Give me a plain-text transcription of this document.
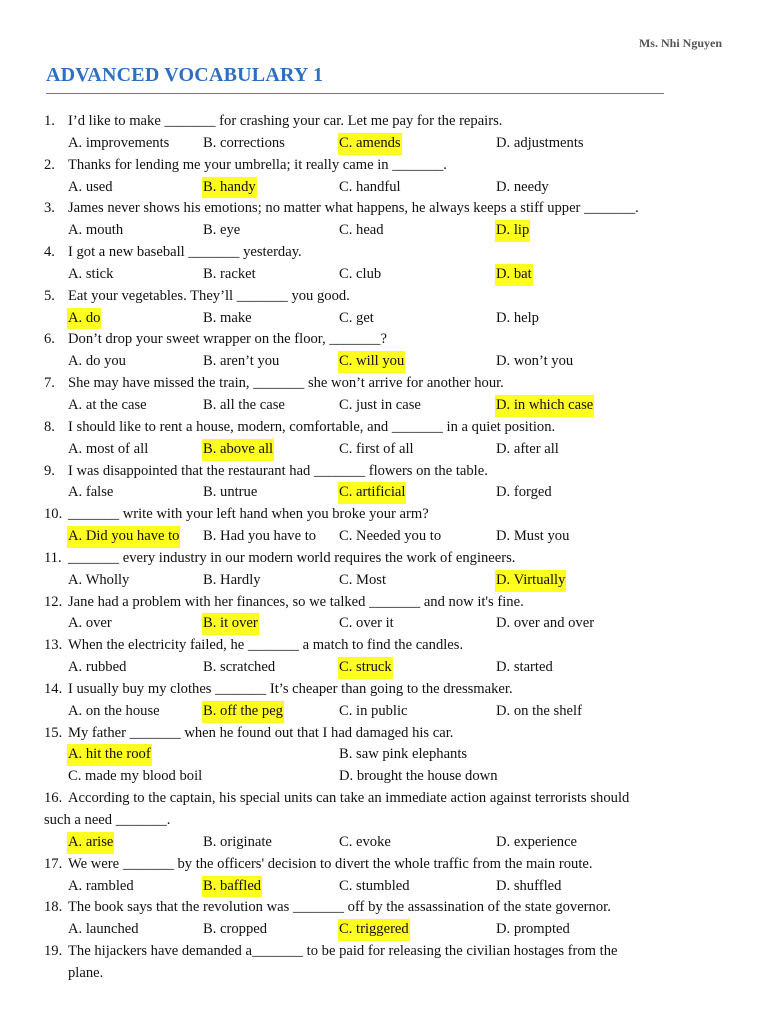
Ms. Nhi Nguyen
ADVANCED VOCABULARY 1
1. I’d like to make _______ for crashing your car. Let me pay for the repairs.
A. improvements B. corrections	C. amends	D. adjustments
2. Thanks for lending me your umbrella; it really came in _______.
A. used	B. handy	C. handful	D. needy
3. James never shows his emotions; no matter what happens, he always keeps a stiff upper _______.
A. mouth	B. eye	C. head	D. lip
4. I got a new baseball _______ yesterday.
A. stick	B. racket	C. club	D. bat
5. Eat your vegetables. They’ll _______ you good.
A. do	B. make	C. get	D. help
6. Don’t drop your sweet wrapper on the floor, _______?
A. do you	B. aren’t you	C. will you	D. won’t you
7. She may have missed the train, _______ she won’t arrive for another hour.
A. at the case	B. all the case	C. just in case	D. in which case
8. I should like to rent a house, modern, comfortable, and _______ in a quiet position.
A. most of all	B. above all	C. first of all	D. after all
9. I was disappointed that the restaurant had _______ flowers on the table.
A. false	B. untrue	C. artificial	D. forged
10. _______ write with your left hand when you broke your arm?
A. Did you have to B. Had you have to C. Needed you to	D. Must you
11. _______ every industry in our modern world requires the work of engineers.
A. Wholly	B. Hardly	C. Most	D. Virtually
12. Jane had a problem with her finances, so we talked _______ and now it's fine.
A. over	B. it over	C. over it	D. over and over
13. When the electricity failed, he _______ a match to find the candles.
A. rubbed	B. scratched	C. struck	D. started
14. I usually buy my clothes _______ It’s cheaper than going to the dressmaker.
A. on the house	B. off the peg	C. in public	D. on the shelf
15. My father _______ when he found out that I had damaged his car.
A. hit the roof	B. saw pink elephants
C. made my blood boil	D. brought the house down
16. According to the captain, his special units can take an immediate action against terrorists should
such a need _______.
A. arise	B. originate	C. evoke	D. experience
17. We were _______ by the officers' decision to divert the whole traffic from the main route.
A. rambled	B. baffled	C. stumbled	D. shuffled
18. The book says that the revolution was _______ off by the assassination of the state governor.
A. launched	B. cropped	C. triggered	D. prompted
19. The hijackers have demanded a_______ to be paid for releasing the civilian hostages from the
plane.
